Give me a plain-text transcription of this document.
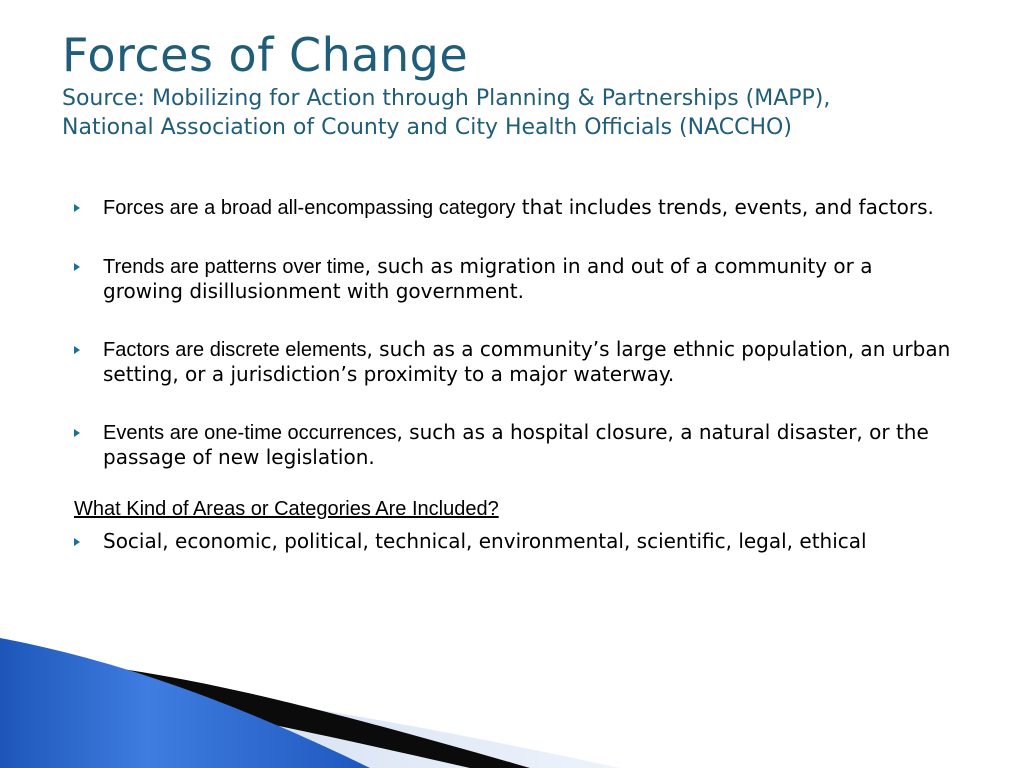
Forces of Change
Source: Mobilizing for Action through Planning & Partnerships (MAPP),
National Association of County and City Health Officials (NACCHO)
Forces are a broad all-encompassing category that includes trends, events, and factors.
Trends are patterns over time, such as migration in and out of a community or a growing disillusionment with government.
Factors are discrete elements, such as a community’s large ethnic population, an urban setting, or a jurisdiction’s proximity to a major waterway.
Events are one-time occurrences, such as a hospital closure, a natural disaster, or the passage of new legislation.
What Kind of Areas or Categories Are Included?
Social, economic, political, technical, environmental, scientific, legal, ethical
